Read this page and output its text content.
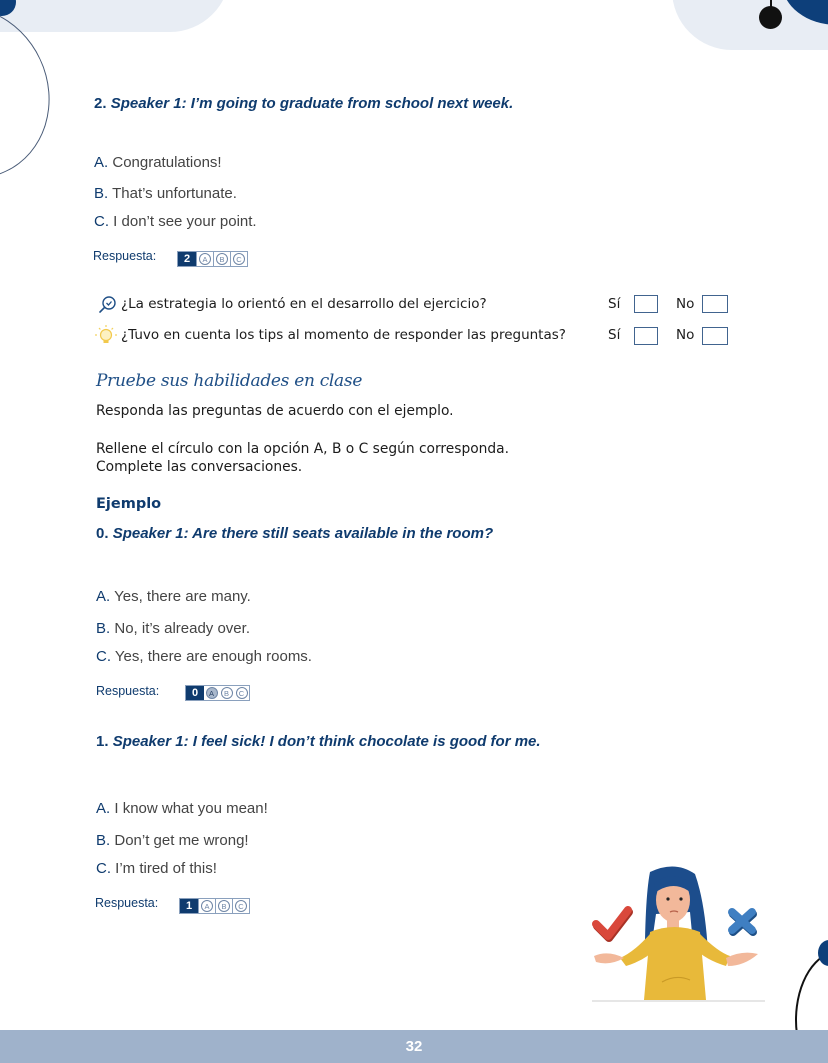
2. Speaker 1: I’m going to graduate from school next week.
A. Congratulations!
B. That’s unfortunate.
C. I don’t see your point.
Respuesta:	2	A	B	C
¿La estrategia lo orientó en el desarrollo del ejercicio?	Sí	No
¿Tuvo en cuenta los tips al momento de responder las preguntas?	Sí	No
Pruebe sus habilidades en clase
Responda las preguntas de acuerdo con el ejemplo.
Rellene el círculo con la opción A, B o C según corresponda.
Complete las conversaciones.
Ejemplo
0. Speaker 1: Are there still seats available in the room?
A. Yes, there are many.
B. No, it’s already over.
C. Yes, there are enough rooms.
Respuesta:	0	A	B	C
1. Speaker 1: I feel sick! I don’t think chocolate is good for me.
A. I know what you mean!
B. Don’t get me wrong!
C. I’m tired of this!
Respuesta:	1	A	B	C
32
